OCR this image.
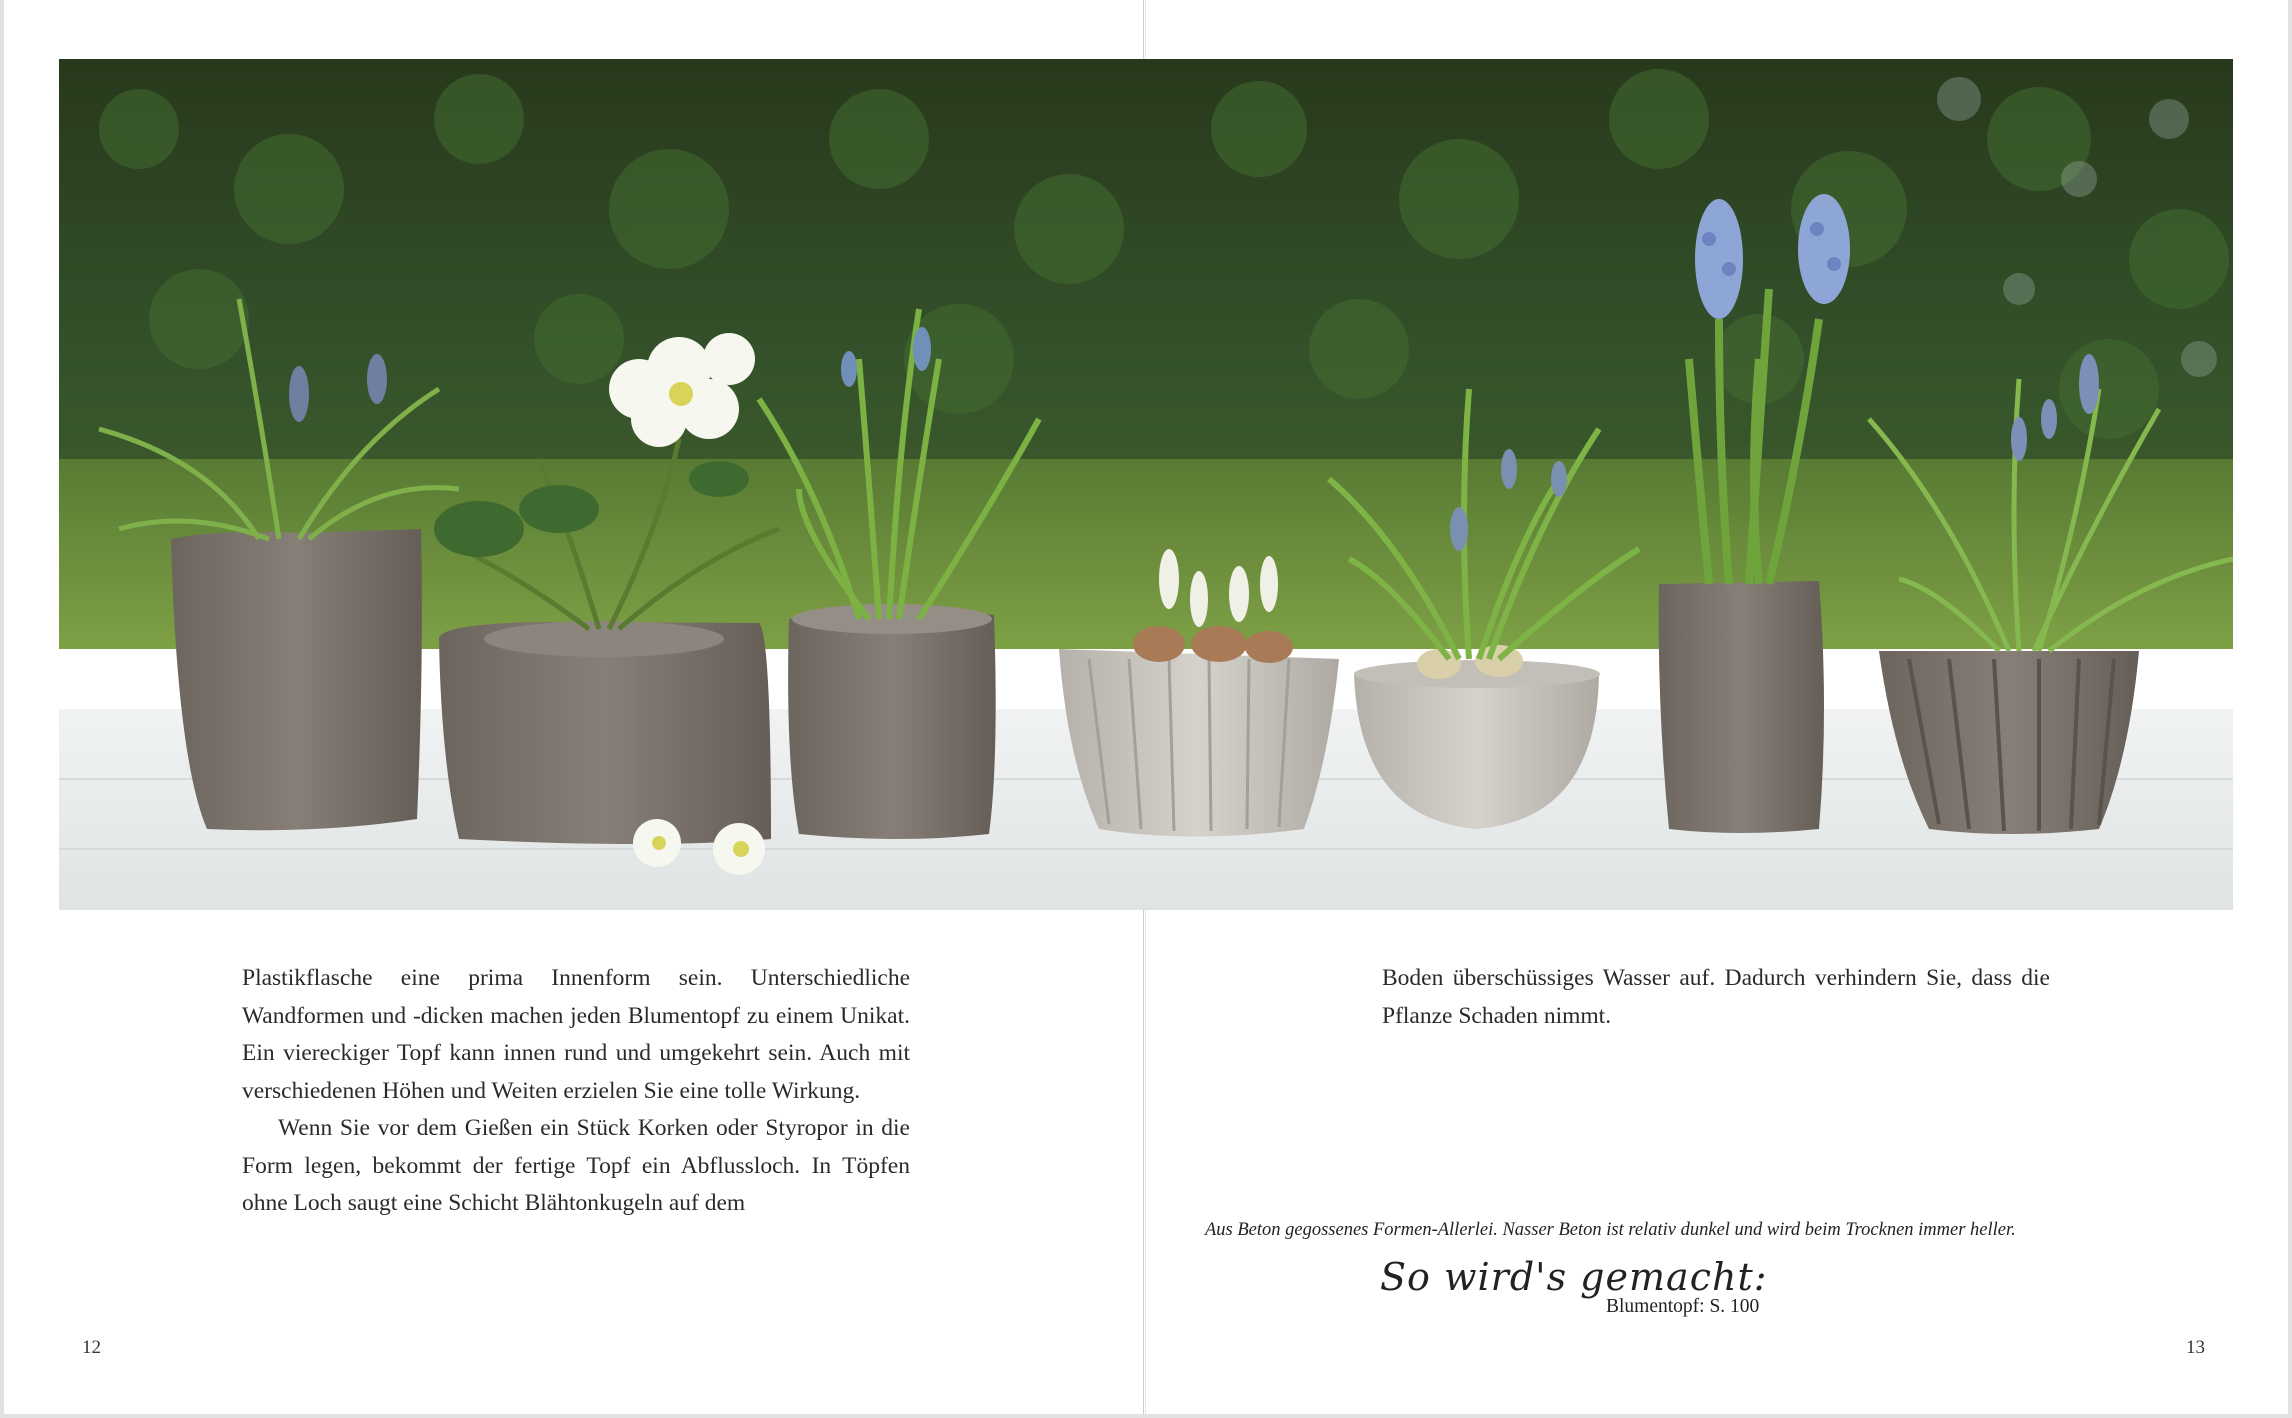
Plastikflasche eine prima Innenform sein. Unterschiedliche Wandformen und -dicken machen jeden Blumentopf zu einem Unikat. Ein viereckiger Topf kann innen rund und umgekehrt sein. Auch mit verschiedenen Höhen und Weiten erzielen Sie eine tolle Wirkung.

Wenn Sie vor dem Gießen ein Stück Korken oder Styropor in die Form legen, bekommt der fertige Topf ein Abflussloch. In Töpfen ohne Loch saugt eine Schicht Blähtonkugeln auf dem

Boden überschüssiges Wasser auf. Dadurch verhindern Sie, dass die Pflanze Schaden nimmt.

Aus Beton gegossenes Formen-Allerlei. Nasser Beton ist relativ dunkel und wird beim Trocknen immer heller.
So wird's gemacht:
Blumentopf: S. 100
12	13
